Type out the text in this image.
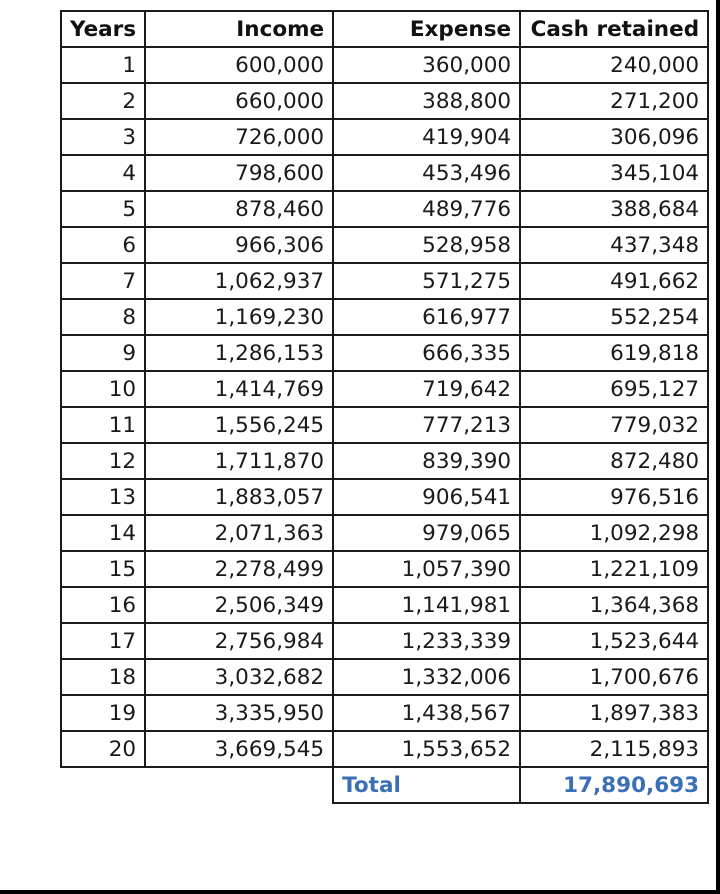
Years	Income	Expense	Cash retained
1	600,000	360,000	240,000
2	660,000	388,800	271,200
3	726,000	419,904	306,096
4	798,600	453,496	345,104
5	878,460	489,776	388,684
6	966,306	528,958	437,348
7	1,062,937	571,275	491,662
8	1,169,230	616,977	552,254
9	1,286,153	666,335	619,818
10	1,414,769	719,642	695,127
11	1,556,245	777,213	779,032
12	1,711,870	839,390	872,480
13	1,883,057	906,541	976,516
14	2,071,363	979,065	1,092,298
15	2,278,499	1,057,390	1,221,109
16	2,506,349	1,141,981	1,364,368
17	2,756,984	1,233,339	1,523,644
18	3,032,682	1,332,006	1,700,676
19	3,335,950	1,438,567	1,897,383
20	3,669,545	1,553,652	2,115,893
		Total	17,890,693
